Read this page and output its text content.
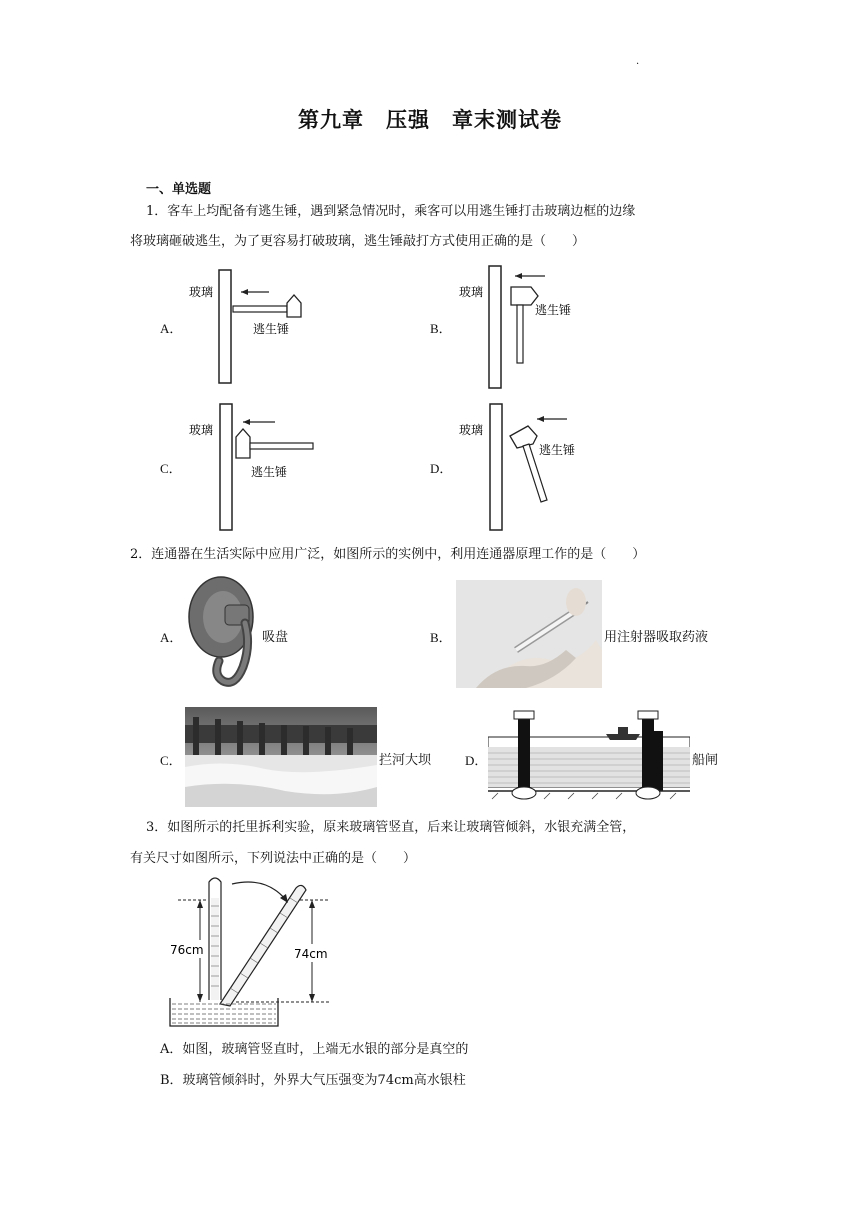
.
第九章　压强　章末测试卷
一、单选题
1．客车上均配备有逃生锤，遇到紧急情况时，乘客可以用逃生锤打击玻璃边框的边缘
将玻璃砸破逃生，为了更容易打破玻璃，逃生锤敲打方式使用正确的是（　　）
A．	B．
C．	D．
玻璃
逃生锤
玻璃
逃生锤
玻璃
逃生锤
玻璃
逃生锤
2．连通器在生活实际中应用广泛，如图所示的实例中，利用连通器原理工作的是（　　）
A．	B．
C．	D．
吸盘	用注射器吸取药液
拦河大坝	船闸
3．如图所示的托里拆利实验，原来玻璃管竖直，后来让玻璃管倾斜，水银充满全管，
有关尺寸如图所示，下列说法中正确的是（　　）
76cm	74cm
A．如图，玻璃管竖直时，上端无水银的部分是真空的
B．玻璃管倾斜时，外界大气压强变为74cm高水银柱
